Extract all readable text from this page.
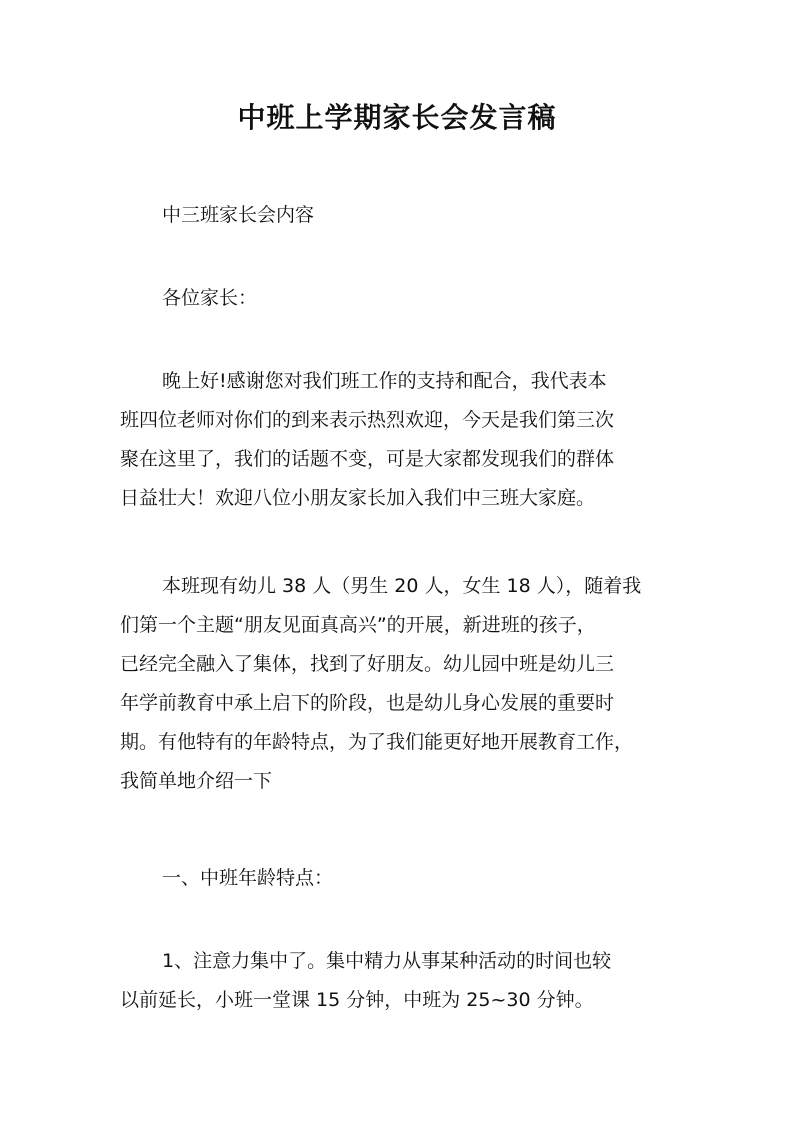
中班上学期家长会发言稿

中三班家长会内容

各位家长：

晚上好!感谢您对我们班工作的支持和配合，我代表本
班四位老师对你们的到来表示热烈欢迎，今天是我们第三次
聚在这里了，我们的话题不变，可是大家都发现我们的群体
日益壮大！欢迎八位小朋友家长加入我们中三班大家庭。
本班现有幼儿 38 人（男生 20 人，女生 18 人），随着我
们第一个主题“朋友见面真高兴”的开展，新进班的孩子，
已经完全融入了集体，找到了好朋友。幼儿园中班是幼儿三
年学前教育中承上启下的阶段，也是幼儿身心发展的重要时
期。有他特有的年龄特点，为了我们能更好地开展教育工作，
我简单地介绍一下

一、中班年龄特点：

1、注意力集中了。集中精力从事某种活动的时间也较
以前延长，小班一堂课 15 分钟，中班为 25~30 分钟。
